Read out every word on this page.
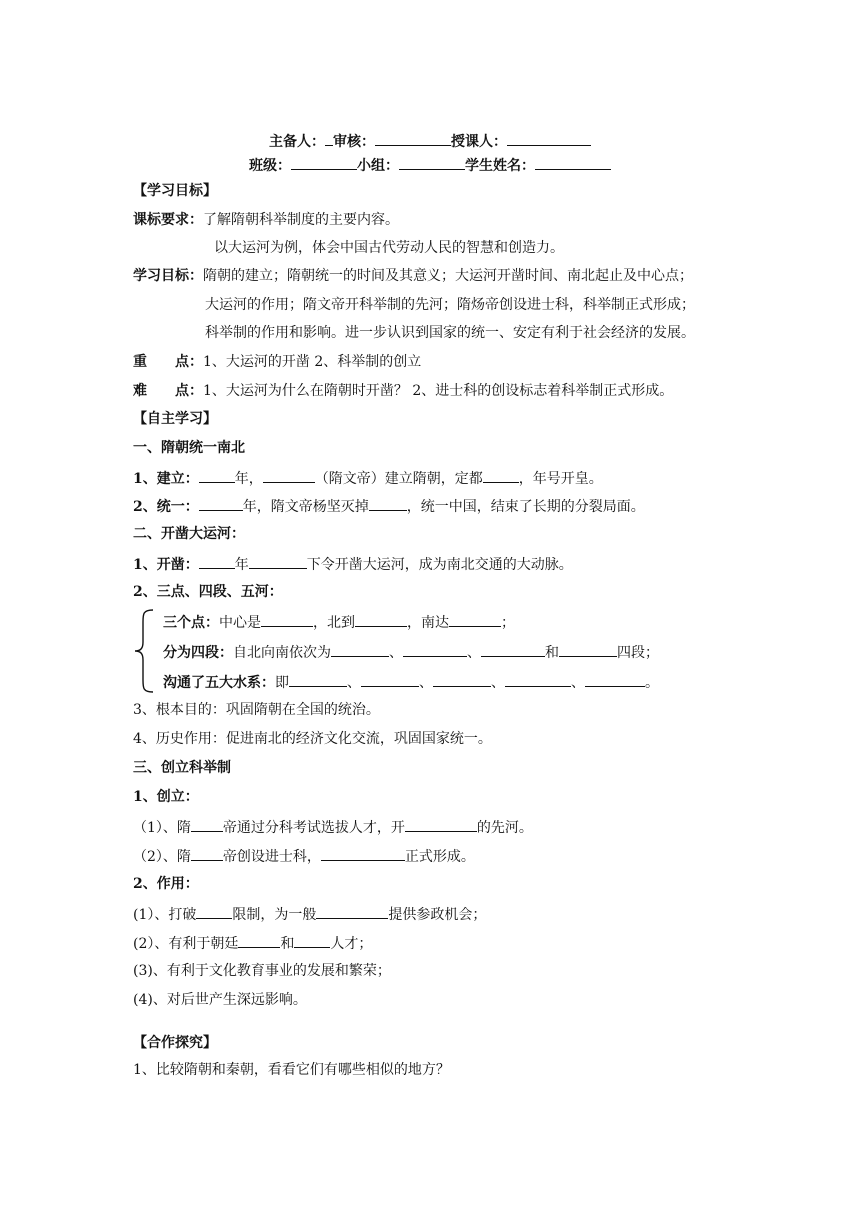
主备人： 审核：	授课人：
班级：	小组：	学生姓名：
【学习目标】
课标要求：了解隋朝科举制度的主要内容。
以大运河为例，体会中国古代劳动人民的智慧和创造力。
学习目标：隋朝的建立；隋朝统一的时间及其意义；大运河开凿时间、南北起止及中心点；
大运河的作用；隋文帝开科举制的先河；隋炀帝创设进士科，科举制正式形成；
科举制的作用和影响。进一步认识到国家的统一、安定有利于社会经济的发展。
重　　点：1、大运河的开凿 2、科举制的创立
难　　点：1、大运河为什么在隋朝时开凿？ 2、进士科的创设标志着科举制正式形成。
【自主学习】
一、隋朝统一南北
1、建立：	年，	（隋文帝）建立隋朝，定都	，年号开皇。
2、统一：	年，隋文帝杨坚灭掉	，统一中国，结束了长期的分裂局面。
二、开凿大运河：
1、开凿：	年	下令开凿大运河，成为南北交通的大动脉。
2、三点、四段、五河：
三个点：中心是	，北到	，南达	；
分为四段：自北向南依次为	、	、	和	四段；
沟通了五大水系：即	、	、	、	、	。
3、根本目的：巩固隋朝在全国的统治。
4、历史作用：促进南北的经济文化交流，巩固国家统一。
三、创立科举制
1、创立：
（1）、隋 帝通过分科考试选拔人才，开	的先河。
（2）、隋 帝创设进士科，	正式形成。
2、作用：
(1）、打破	限制，为一般	提供参政机会；
(2）、有利于朝廷	和	人才；
(3)、有利于文化教育事业的发展和繁荣；
(4)、对后世产生深远影响。
【合作探究】
1、比较隋朝和秦朝，看看它们有哪些相似的地方？
